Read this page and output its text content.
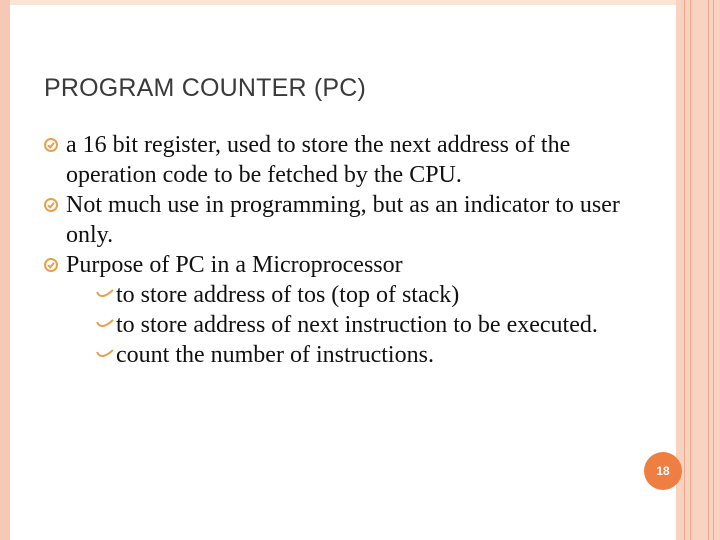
PROGRAM COUNTER (PC)
a 16 bit register, used to store the next address of the operation code to be fetched by the CPU.
Not much use in programming, but as an indicator to user only.
Purpose of PC in a Microprocessor
to store address of tos (top of stack)
to store address of next instruction to be executed.
count the number of instructions.
18
